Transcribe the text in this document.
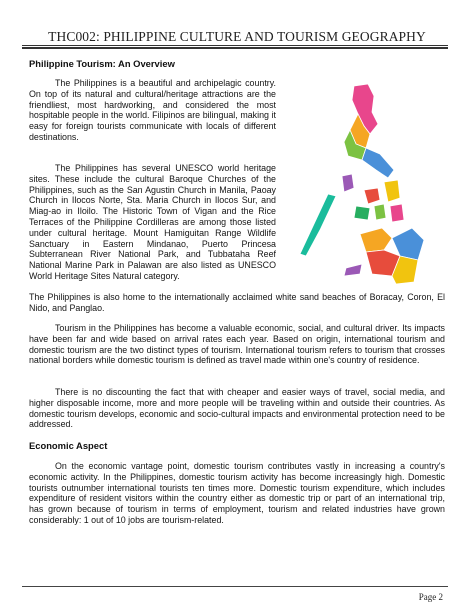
THC002: PHILIPPINE CULTURE AND TOURISM GEOGRAPHY
Philippine Tourism: An Overview

The Philippines is a beautiful and archipelagic country. On top of its natural and cultural/heritage attractions are the friendliest, most hardworking, and considered the most hospitable people in the world. Filipinos are bilingual, making it easy for foreign tourists communicate with locals of different destinations.

The Philippines has several UNESCO world heritage sites. These include the cultural Baroque Churches of the Philippines, such as the San Agustin Church in Manila, Paoay Church in Ilocos Norte, Sta. Maria Church in Ilocos Sur, and Miag-ao in Iloilo. The Historic Town of Vigan and the Rice Terraces of the Philippine Cordilleras are among those listed under cultural heritage. Mount Hamiguitan Range Wildlife Sanctuary in Eastern Mindanao, Puerto Princesa Subterranean River National Park, and Tubbataha Reef National Marine Park in Palawan are also listed as UNESCO World Heritage Sites Natural category.

The Philippines is also home to the internationally acclaimed white sand beaches of Boracay, Coron, El Nido, and Panglao.

Tourism in the Philippines has become a valuable economic, social, and cultural driver. Its impacts have been far and wide based on arrival rates each year. Based on origin, international tourism and domestic tourism are the two distinct types of tourism. International tourism refers to tourism that crosses national borders while domestic tourism is defined as travel made within one's country of residence.

There is no discounting the fact that with cheaper and easier ways of travel, social media, and higher disposable income, more and more people will be traveling within and outside their countries. As domestic tourism develops, economic and socio-cultural impacts and environmental protection need to be addressed.

Economic Aspect

On the economic vantage point, domestic tourism contributes vastly in increasing a country's economic activity. In the Philippines, domestic tourism activity has become increasingly high. Domestic tourists outnumber international tourists ten times more. Domestic tourism expenditure, which includes expenditure of resident visitors within the country either as domestic trip or part of an international trip, has grown because of tourism in terms of employment, tourism and related industries have grown considerably: 1 out of 10 jobs are tourism-related.

Page 2
